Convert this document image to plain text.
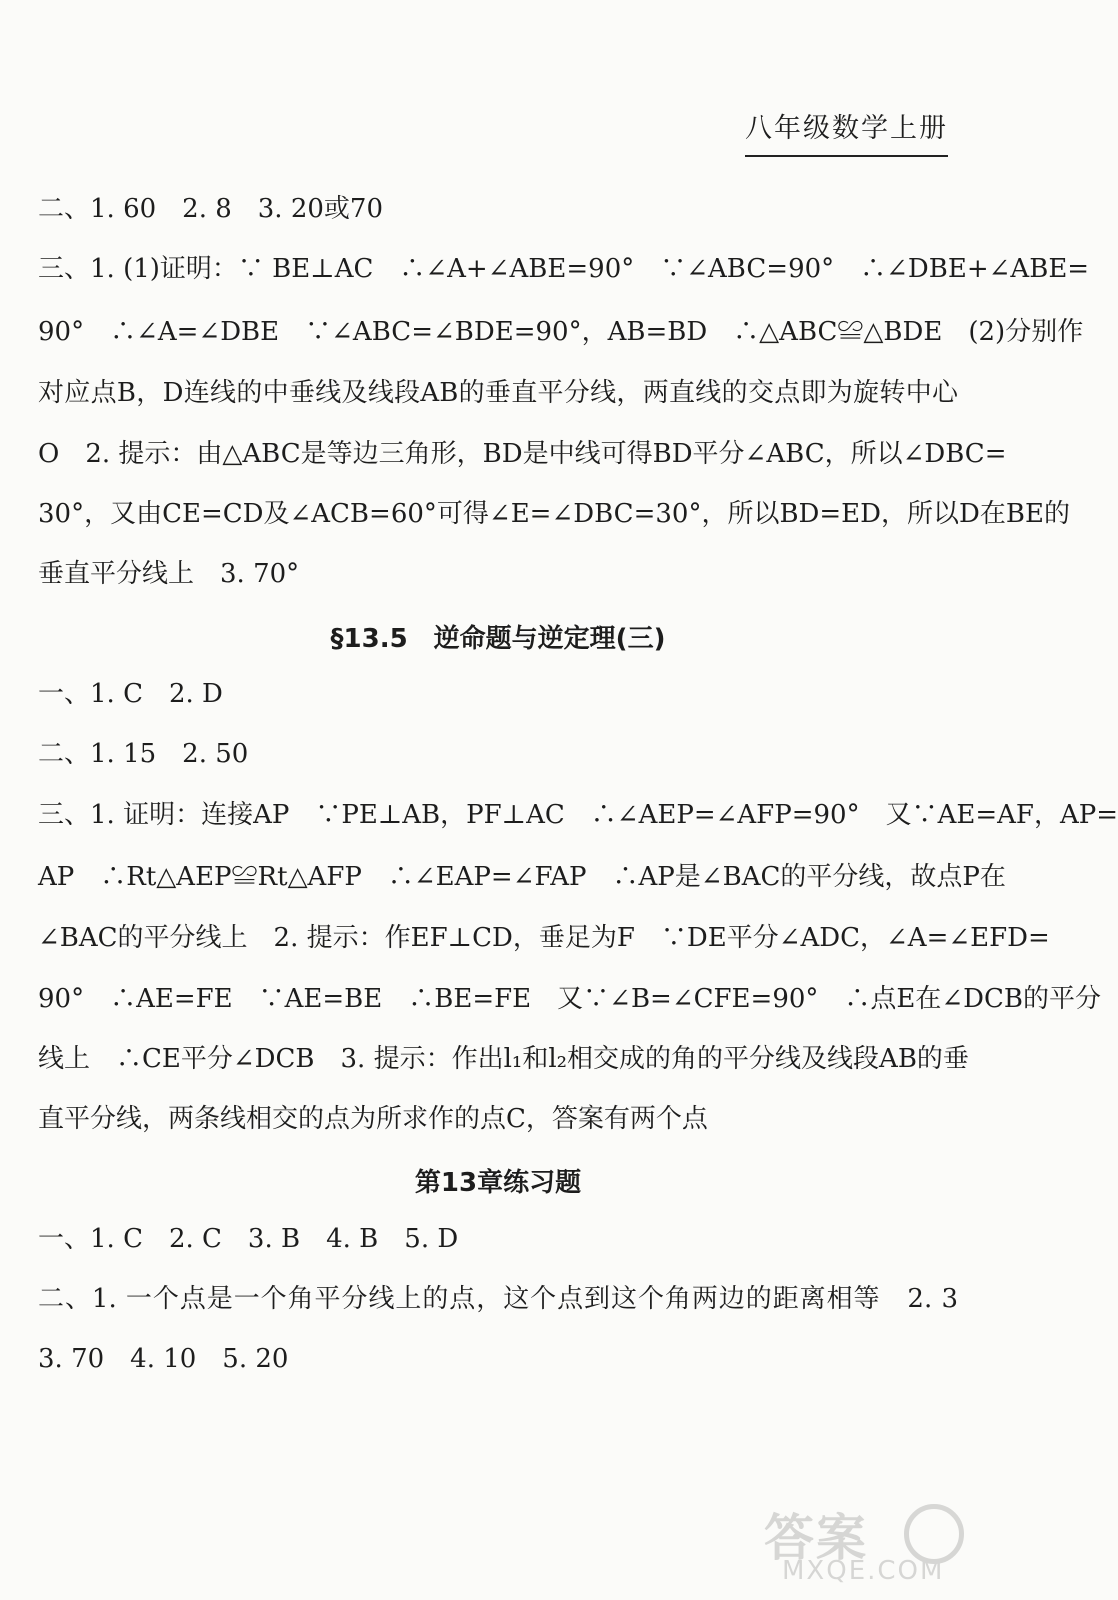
八年级数学上册
二、1. 60　2. 8　3. 20或70
三、1. (1)证明：∵ BE⊥AC　∴∠A+∠ABE=90°　∵∠ABC=90°　∴∠DBE+∠ABE=
90°　∴∠A=∠DBE　∵∠ABC=∠BDE=90°，AB=BD　∴△ABC≌△BDE　(2)分别作
对应点B，D连线的中垂线及线段AB的垂直平分线，两直线的交点即为旋转中心
O　2. 提示：由△ABC是等边三角形，BD是中线可得BD平分∠ABC，所以∠DBC=
30°，又由CE=CD及∠ACB=60°可得∠E=∠DBC=30°，所以BD=ED，所以D在BE的
垂直平分线上　3. 70°
§13.5　逆命题与逆定理(三)
一、1. C　2. D
二、1. 15　2. 50
三、1. 证明：连接AP　∵PE⊥AB，PF⊥AC　∴∠AEP=∠AFP=90°　又∵AE=AF，AP=
AP　∴Rt△AEP≌Rt△AFP　∴∠EAP=∠FAP　∴AP是∠BAC的平分线，故点P在
∠BAC的平分线上　2. 提示：作EF⊥CD，垂足为F　∵DE平分∠ADC，∠A=∠EFD=
90°　∴AE=FE　∵AE=BE　∴BE=FE　又∵∠B=∠CFE=90°　∴点E在∠DCB的平分
线上　∴CE平分∠DCB　3. 提示：作出l₁和l₂相交成的角的平分线及线段AB的垂
直平分线，两条线相交的点为所求作的点C，答案有两个点
第13章练习题
一、1. C　2. C　3. B　4. B　5. D
二、1. 一个点是一个角平分线上的点，这个点到这个角两边的距离相等　2. 3
3. 70　4. 10　5. 20
答案
MXQE.COM
